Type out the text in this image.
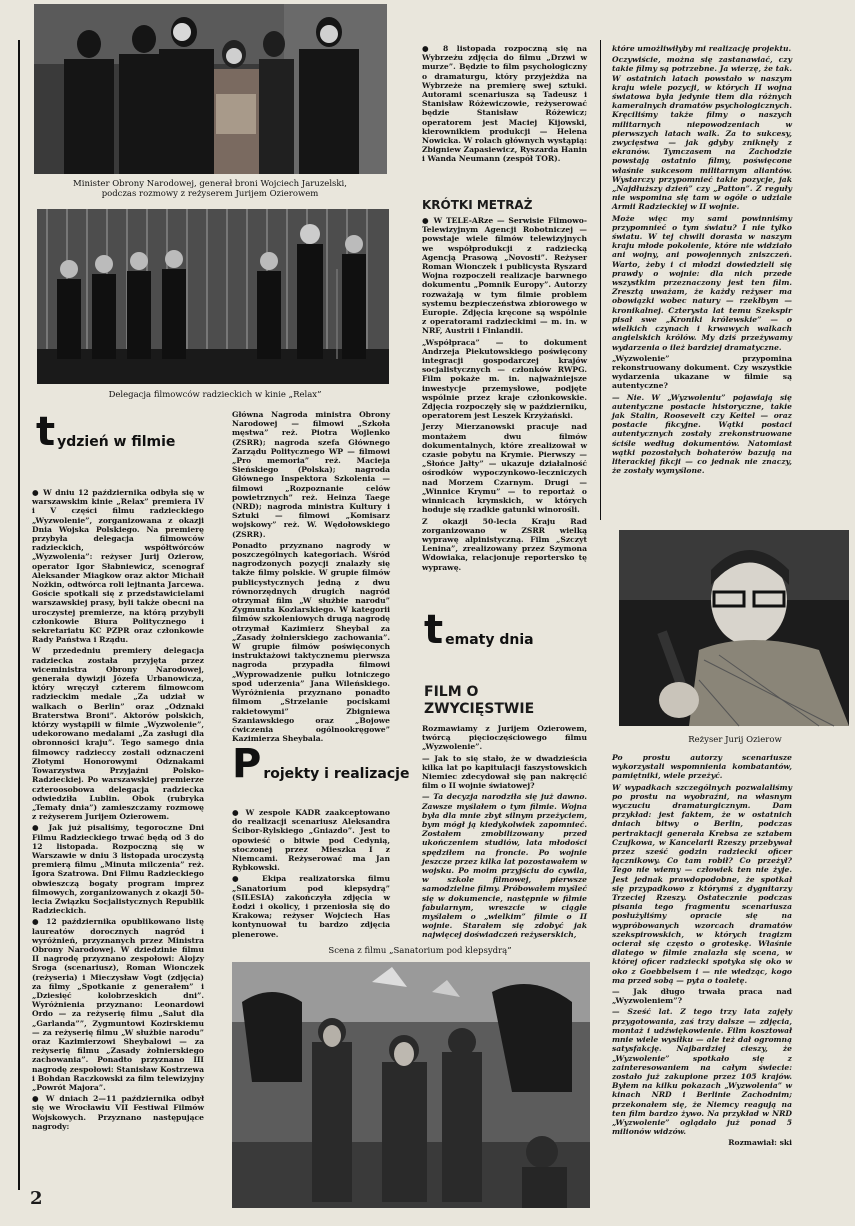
Minister Obrony Narodowej, generał broni Wojciech Jaruzelski, podczas rozmowy z reżyserem Jurijem Ozierowem
Delegacja filmowców radzieckich w kinie „Relax”
tydzień w filmie

● W dniu 12 października odbyła się w warszawskim kinie „Relax” premiera IV i V części filmu radzieckiego „Wyzwolenie”, zorganizowana z okazji Dnia Wojska Polskiego. Na premierę przybyła delegacja filmowców radzieckich, współtwórców „Wyzwolenia”: reżyser Jurij Ozierow, operator Igor Słabniewicz, scenograf Aleksander Miagkow oraz aktor Michaił Nożkin, odtwórca roli lejtnanta Jarcewa. Goście spotkali się z przedstawicielami warszawskiej prasy, byli także obecni na uroczystej premierze, na którą przybyli członkowie Biura Politycznego i sekretariatu KC PZPR oraz członkowie Rady Państwa i Rządu.

W przededniu premiery delegacja radziecka została przyjęta przez wiceministra Obrony Narodowej, generała dywizji Józefa Urbanowicza, który wręczył czterem filmowcom radzieckim medale „Za udział w walkach o Berlin” oraz „Odznaki Braterstwa Broni”. Aktorów polskich, którzy wystąpili w filmie „Wyzwolenie”, udekorowano medalami „Za zasługi dla obronności kraju”. Tego samego dnia filmowcy radzieccy zostali odznaczeni Złotymi Honorowymi Odznakami Towarzystwa Przyjaźni Polsko-Radzieckiej. Po warszawskiej premierze czteroosobowa delegacja radziecka odwiedziła Lublin. Obok (rubryka „Tematy dnia”) zamieszczamy rozmowę z reżyserem Jurijem Ozierowem.

● Jak już pisaliśmy, tegoroczne Dni Filmu Radzieckiego trwać będą od 3 do 12 listopada. Rozpoczną się w Warszawie w dniu 3 listopada uroczystą premierą filmu „Minuta milczenia” reż. Igora Szatrowa. Dni Filmu Radzieckiego obwieszczą bogaty program imprez filmowych, zorganizowanych z okazji 50-lecia Związku Socjalistycznych Republik Radzieckich.

● 12 października opublikowano listę laureatów dorocznych nagród i wyróżnień, przyznanych przez Ministra Obrony Narodowej. W dziedzinie filmu II nagrodę przyznano zespołowi: Alojzy Sroga (scenariusz), Roman Wionczek (reżyseria) i Mieczysław Vogt (zdjęcia) za filmy „Spotkanie z generałem” i „Dziesięć kolobrzeskich dni”. Wyróżnienia przyznano: Leonardowi Ordo — za reżyserię filmu „Salut dla „Garlanda””, Zygmuntowi Kozirskiemu — za reżyserię filmu „W służbie narodu” oraz Kazimierzowi Sheybalowi — za reżyserię filmu „Zasady żołnierskiego zachowania”. Ponadto przyznano III nagrodę zespołowi: Stanisław Kostrzewa i Bohdan Raczkowski za film telewizyjny „Powrót Majora”.

● W dniach 2—11 października odbył się we Wrocławiu VII Festiwal Filmów Wojskowych. Przyznano następujące nagrody:

Główna Nagroda ministra Obrony Narodowej — filmowi „Szkoła męstwa” reż. Piotra Wojlenko (ZSRR); nagroda szefa Głównego Zarządu Politycznego WP — filmowi „Pro memoria” reż. Macieja Sieńskiego (Polska); nagroda Głównego Inspektora Szkolenia — filmowi „Rozpoznanie celów powietrznych” reż. Heinza Taege (NRD); nagroda ministra Kultury i Sztuki — filmowi „Komisarz wojskowy” reż. W. Wędołowskiego (ZSRR).

Ponadto przyznano nagrody w poszczególnych kategoriach. Wśród nagrodzonych pozycji znalazły się także filmy polskie. W grupie filmów publicystycznych jedną z dwu równorzędnych drugich nagród otrzymał film „W służbie narodu” Zygmunta Kozlarskiego. W kategorii filmów szkoleniowych drugą nagrodę otrzymał Kazimierz Sheybal za „Zasady żołnierskiego zachowania”. W grupie filmów poświęconych instruktażowi taktycznemu pierwsza nagroda przypadła filmowi „Wyprowadzenie pułku lotniczego spod uderzenia” Jana Wileńskiego. Wyróżnienia przyznano ponadto filmom „Strzelanie pociskami rakietowymi” Zbigniewa Szaniawskiego oraz „Bojowe ćwiczenia ogólnookręgowe” Kazimierza Sheybala.

Projekty i realizacje

● W zespole KADR zaakceptowano do realizacji scenariusz Aleksandra Ścibor-Rylskiego „Gniazdo”. Jest to opowieść o bitwie pod Cedynią, stoczonej przez Mieszka I z Niemcami. Reżyserować ma Jan Rybkowski.

● Ekipa realizatorska filmu „Sanatorium pod klepsydrą” (SILESIA) zakończyła zdjęcia w Łodzi i okolicy, i przeniosła się do Krakowa; reżyser Wojciech Has kontynuował tu bardzo zdjęcia plenerowe.

● 8 listopada rozpoczną się na Wybrzeżu zdjęcia do filmu „Drzwi w murze”. Będzie to film psychologiczny o dramaturgu, który przyjeżdża na Wybrzeże na premierę swej sztuki. Autorami scenariusza są Tadeusz i Stanisław Różewiczowie, reżyserować będzie Stanisław Różewicz; operatorem jest Maciej Kijowski, kierownikiem produkcji — Helena Nowicka. W rolach głównych wystąpią: Zbigniew Zapasiewicz, Ryszarda Hanin i Wanda Neumann (zespół TOR).

KRÓTKI METRAŻ

● W TELE-ARze — Serwisie Filmowo-Telewizyjnym Agencji Robotniczej — powstaje wiele filmów telewizyjnych we współprodukcji z radziecką Agencją Prasową „Novosti”. Reżyser Roman Wionczek i publicysta Ryszard Wojna rozpoczeli realizacje barwnego dokumentu „Pomnik Europy”. Autorzy rozważają w tym filmie problem systemu bezpieczeństwa zbiorowego w Europie. Zdjęcia kręcone są wspólnie z operatorami radzieckimi — m. in. w NRF, Austrii i Finlandii.

„Współpraca” — to dokument Andrzeja Piekutowskiego poświęcony integracji gospodarczej krajów socjalistycznych — członków RWPG. Film pokaże m. in. najważniejsze inwestycje przemysłowe, podjęte wspólnie przez kraje członkowskie. Zdjęcia rozpoczęły się w październiku, operatorem jest Leszek Krzyżański.

Jerzy Mierzanowski pracuje nad montażem dwu filmów dokumentalnych, które zrealizował w czasie pobytu na Krymie. Pierwszy — „Słońce Jałty” — ukazuje działalność ośrodków wypoczynkowo-leczniczych nad Morzem Czarnym. Drugi — „Winnice Krymu” — to reportaż o winnicach krymskich, w których hoduje się rzadkie gatunki winorośli.

Z okazji 50-lecia Kraju Rad zorganizowano w ZSRR wielką wyprawę alpinistyczną. Film „Szczyt Lenina”, zrealizowany przez Szymona Wdowiaka, relacjonuje reportersko tę wyprawę.

tematy dnia
FILM O ZWYCIĘSTWIE

Rozmawiamy z Jurijem Ozierowem, twórcą pięcioczęściowego filmu „Wyzwolenie”.

— Jak to się stało, że w dwadzieścia kilka lat po kapitulacji faszystowskich Niemiec zdecydował się pan nakręcić film o II wojnie światowej?

— Ta decyzja narodziła się już dawno. Zawsze myślałem o tym filmie. Wojna była dla mnie zbyt silnym przeżyciem, bym mógł ją kiedykolwiek zapomnieć. Zostałem zmobilizowany przed ukończeniem studiów, lata młodości spędziłem na froncie. Po wojnie jeszcze przez kilka lat pozostawałem w wojsku. Po moim przyjściu do cywila, w szkole filmowej, pierwsze samodzielne filmy. Próbowałem myśleć się w dokumencie, następnie w filmie fabularnym, wreszcie w ciągle myślałem o „wielkim” filmie o II wojnie. Starałem się zdobyć jak najwięcej doświadczeń reżyserskich,

które umożliwiłyby mi realizację projektu.

Oczywiście, można się zastanawiać, czy takie filmy są potrzebne. Ja wierzę, że tak. W ostatnich latach powstało w naszym kraju wiele pozycji, w których II wojna światowa była jedynie tłem dla różnych kameralnych dramatów psychologicznych. Kręciliśmy także filmy o naszych militarnych niepowodzeniach w pierwszych latach walk. Za to sukcesy, zwycięstwa — jak gdyby zniknęły z ekranów. Tymczasem na Zachodzie powstają ostatnio filmy, poświęcone właśnie sukcesom militarnym aliantów. Wystarczy przypomnieć takie pozycje, jak „Najdłuższy dzień” czy „Patton”. Z reguły nie wspomina się tam w ogóle o udziale Armii Radzieckiej w II wojnie.

Może więc my sami powinniśmy przypomnieć o tym światu? I nie tylko światu. W tej chwili dorasta w naszym kraju młode pokolenie, które nie widziało ani wojny, ani powojennych zniszczeń. Warto, żeby i ci młodzi dowiedzieli się prawdy o wojnie: dla nich przede wszystkim przeznaczony jest ten film. Zresztą uważam, że każdy reżyser ma obowiązki wobec natury — rzekłbym — kronikalnej. Czterysta lat temu Szekspir pisał swe „Kroniki królewskie” — o wielkich czynach i krwawych walkach angielskich królów. My dziś przeżywamy wydarzenia o ileż bardziej dramatyczne.

„Wyzwolenie” przypomina rekonstruowany dokument. Czy wszystkie wydarzenia ukazane w filmie są autentyczne?

— Nie. W „Wyzwoleniu” pojawiają się autentyczne postacie historyczne, takie jak Stalin, Roosevelt czy Keitel — oraz postacie fikcyjne. Wątki postaci autentycznych zostały zrekonstruowane ściśle według dokumentów. Natomiast wątki pozostałych bohaterów bazują na literackiej fikcji — co jednak nie znaczy, że zostały wymyślone.

Reżyser Jurij Ozierow

Po prostu autorzy scenariusze wykorzystali wspomnienia kombatantów, pamiętniki, wiele przeżyć.

W wypadkach szczególnych pozwalaliśmy po prostu na wyobraźni, na własnym wyczuciu dramaturgicznym. Dam przykład: jest faktem, że w ostatnich dniach bitwy o Berlin, podczas pertraktacji generała Krebsa ze sztabem Czujkowa, w Kancelarii Rzeszy przebywał przez sześć godzin radziecki oficer łącznikowy. Co tam robił? Co przeżył? Tego nie wiemy — człowiek ten nie żyje. Jest jednak prawdopodobne, że spotkał się przypadkowo z którymś z dygnitarzy Trzeciej Rzeszy. Ostatecznie podczas pisania tego fragmentu scenariusza posłużyliśmy opracie się na wypróbowanych wzorcach dramatów szekspirowskich, w których tragizm ocierał się często o groteskę. Właśnie dlatego w filmie znalazła się scena, w której oficer radziecki spotyka się oko w oko z Goebbelsem i — nie wiedząc, kogo ma przed sobą — pyta o toaletę.

— Jak długo trwała praca nad „Wyzwoleniem”?

— Sześć lat. Z tego trzy lata zajęły przygotowania, zaś trzy dalsze — zdjęcia, montaż i udźwiękowienie. Film kosztował mnie wiele wysiłku — ale też dał ogromną satysfakcję. Najbardziej cieszy, że „Wyzwolenie” spotkało się z zainteresowaniem na całym świecie: zostało już zakupione przez 105 krajów. Byłem na kilku pokazach „Wyzwolenia” w kinach NRD i Berlinie Zachodnim; przekonałem się, że Niemcy reagują na ten film bardzo żywo. Na przykład w NRD „Wyzwolenie” oglądało już ponad 5 milionów widzów.

Rozmawiał: ski

Scena z filmu „Sanatorium pod klepsydrą”
2
